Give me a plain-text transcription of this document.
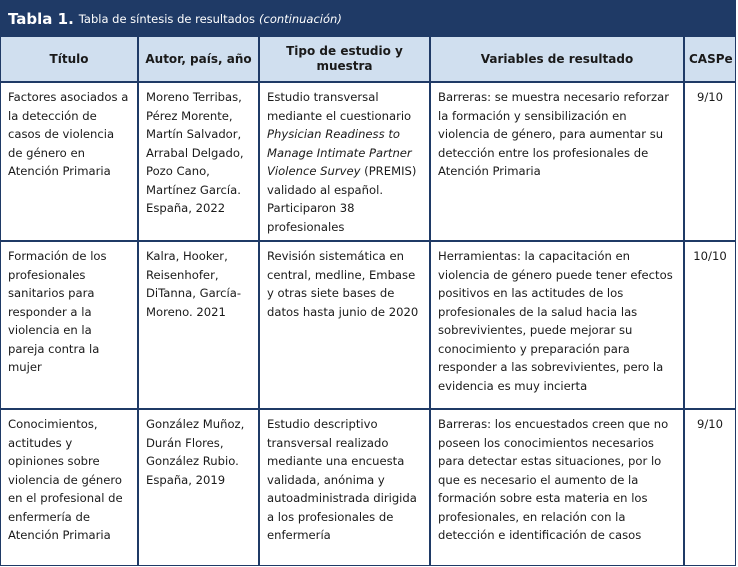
Tabla 1. Tabla de síntesis de resultados (continuación)
Título	Autor, país, año	Tipo de estudio y muestra	Variables de resultado	CASPe
Factores asociados a la detección de casos de violencia de género en Atención Primaria	Moreno Terribas, Pérez Morente, Martín Salvador, Arrabal Delgado, Pozo Cano, Martínez García. España, 2022	Estudio transversal mediante el cuestionario Physician Readiness to Manage Intimate Partner Violence Survey (PREMIS) validado al español. Participaron 38 profesionales	Barreras: se muestra necesario reforzar la formación y sensibilización en violencia de género, para aumentar su detección entre los profesionales de Atención Primaria	9/10
Formación de los profesionales sanitarios para responder a la violencia en la pareja contra la mujer	Kalra, Hooker, Reisenhofer, DiTanna, García-Moreno. 2021	Revisión sistemática en central, medline, Embase y otras siete bases de datos hasta junio de 2020	Herramientas: la capacitación en violencia de género puede tener efectos positivos en las actitudes de los profesionales de la salud hacia las sobrevivientes, puede mejorar su conocimiento y preparación para responder a las sobrevivientes, pero la evidencia es muy incierta	10/10
Conocimientos, actitudes y opiniones sobre violencia de género en el profesional de enfermería de Atención Primaria	González Muñoz, Durán Flores, González Rubio. España, 2019	Estudio descriptivo transversal realizado mediante una encuesta validada, anónima y autoadministrada dirigida a los profesionales de enfermería	Barreras: los encuestados creen que no poseen los conocimientos necesarios para detectar estas situaciones, por lo que es necesario el aumento de la formación sobre esta materia en los profesionales, en relación con la detección e identificación de casos	9/10
